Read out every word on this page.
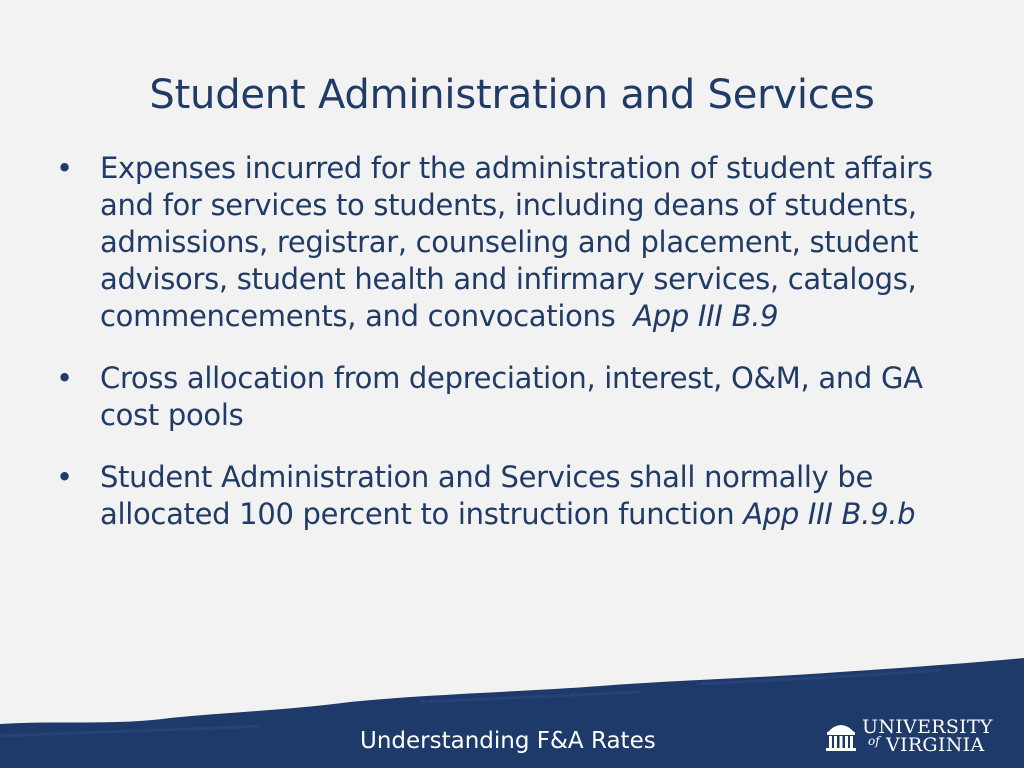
Student Administration and Services
• Expenses incurred for the administration of student affairs and for services to students, including deans of students, admissions, registrar, counseling and placement, student advisors, student health and infirmary services, catalogs, commencements, and convocations App III B.9
• Cross allocation from depreciation, interest, O&M, and GA cost pools
• Student Administration and Services shall normally be allocated 100 percent to instruction function App III B.9.b
Understanding F&A Rates
UNIVERSITY
of VIRGINIA
